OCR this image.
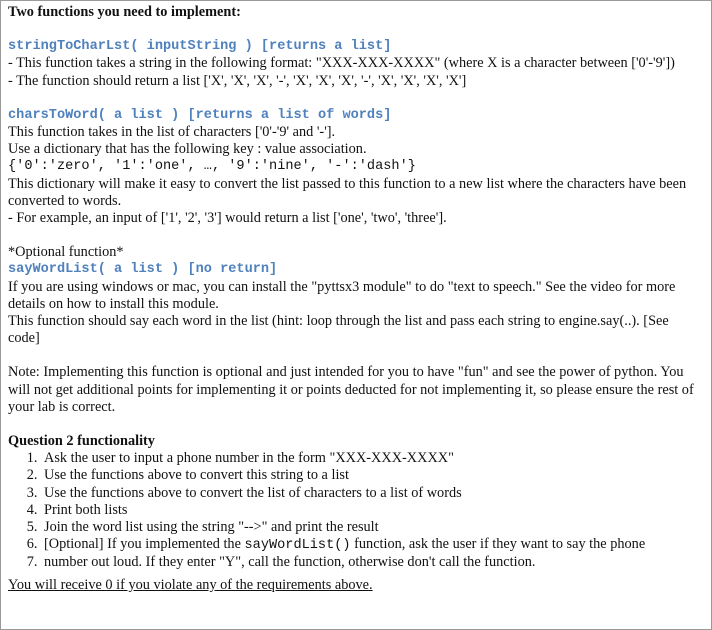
Two functions you need to implement:

stringToCharLst( inputString ) [returns a list]

- This function takes a string in the following format: "XXX-XXX-XXXX" (where X is a character between ['0'-'9'])

- The function should return a list ['X', 'X', 'X', '-', 'X', 'X', 'X', '-', 'X', 'X', 'X', 'X']

charsToWord( a list ) [returns a list of words]

This function takes in the list of characters ['0'-'9' and '-'].

Use a dictionary that has the following key : value association.

{'0':'zero', '1':'one', …, '9':'nine', '-':'dash'}

This dictionary will make it easy to convert the list passed to this function to a new list where the characters have been converted to words.

- For example, an input of ['1', '2', '3'] would return a list ['one', 'two', 'three'].

*Optional function*

sayWordList( a list ) [no return]

If you are using windows or mac, you can install the "pyttsx3 module" to do "text to speech." See the video for more details on how to install this module.

This function should say each word in the list (hint: loop through the list and pass each string to engine.say(..). [See code]

Note: Implementing this function is optional and just intended for you to have "fun" and see the power of python. You will not get additional points for implementing it or points deducted for not implementing it, so please ensure the rest of your lab is correct.

Question 2 functionality

1. Ask the user to input a phone number in the form "XXX-XXX-XXXX"
2. Use the functions above to convert this string to a list
3. Use the functions above to convert the list of characters to a list of words
4. Print both lists
5. Join the word list using the string "-->" and print the result
6. [Optional] If you implemented the sayWordList() function, ask the user if they want to say the phone
7. number out loud. If they enter "Y", call the function, otherwise don't call the function.

You will receive 0 if you violate any of the requirements above.
